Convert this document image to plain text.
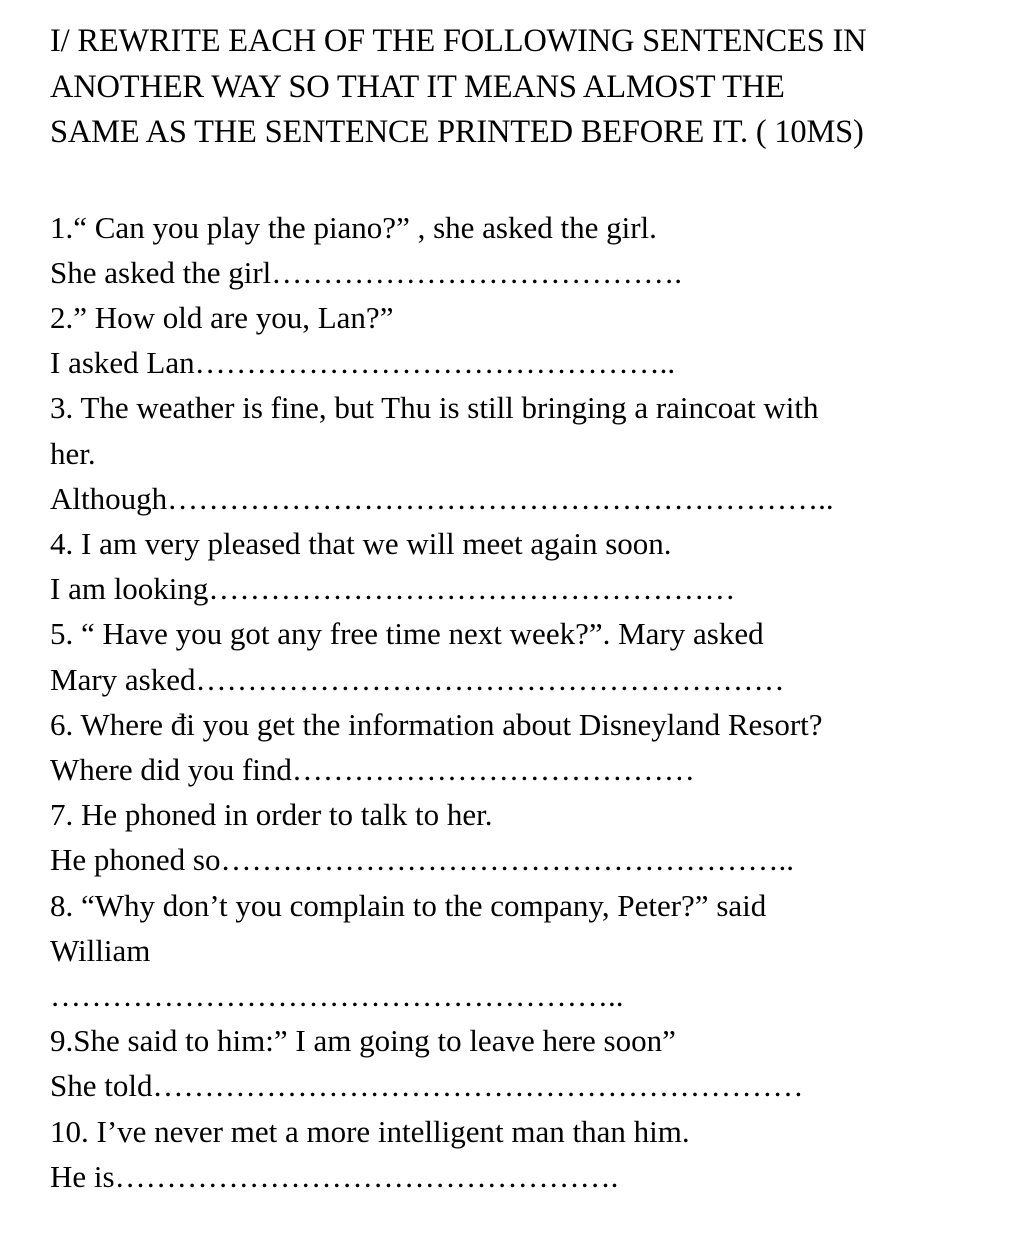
I/ REWRITE EACH OF THE FOLLOWING SENTENCES IN
ANOTHER WAY SO THAT IT MEANS ALMOST THE
SAME AS THE SENTENCE PRINTED BEFORE IT. ( 10MS)
1.“ Can you play the piano?” , she asked the girl.
She asked the girl………………………………….
2.” How old are you, Lan?”
I asked Lan………………………………………..
3. The weather is fine, but Thu is still bringing a raincoat with
her.
Although………………………………………………………..
4. I am very pleased that we will meet again soon.
I am looking……………………………………………
5. “ Have you got any free time next week?”. Mary asked
Mary asked…………………………………………………
6. Where đi you get the information about Disneyland Resort?
Where did you find…………………………………
7. He phoned in order to talk to her.
He phoned so………………………………………………..
8. “Why don’t you complain to the company, Peter?” said
William
………………………………………………..
9.She said to him:” I am going to leave here soon”
She told………………………………………………………
10. I’ve never met a more intelligent man than him.
He is………………………………………….
